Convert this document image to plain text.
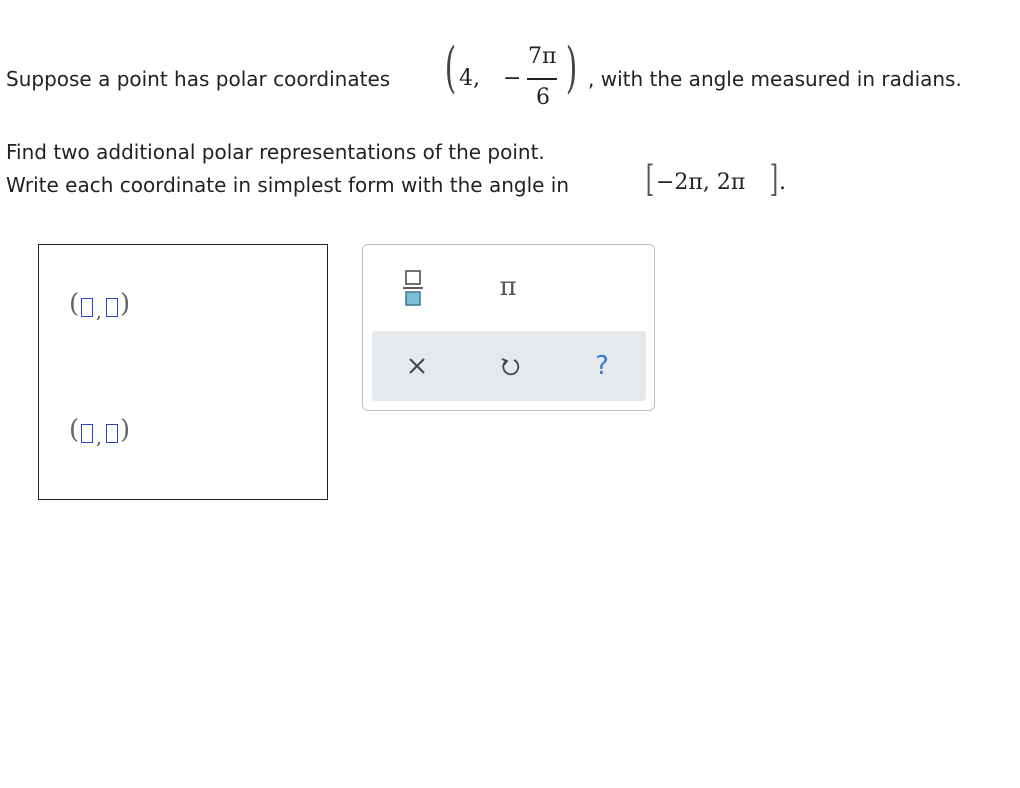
Suppose a point has polar coordinates ( 4, −
7π
6 ) , with the angle measured in radians.
Find two additional polar representations of the point.
Write each coordinate in simplest form with the angle in [ −2π, 2π ] .
( , )
( , )
π
?
